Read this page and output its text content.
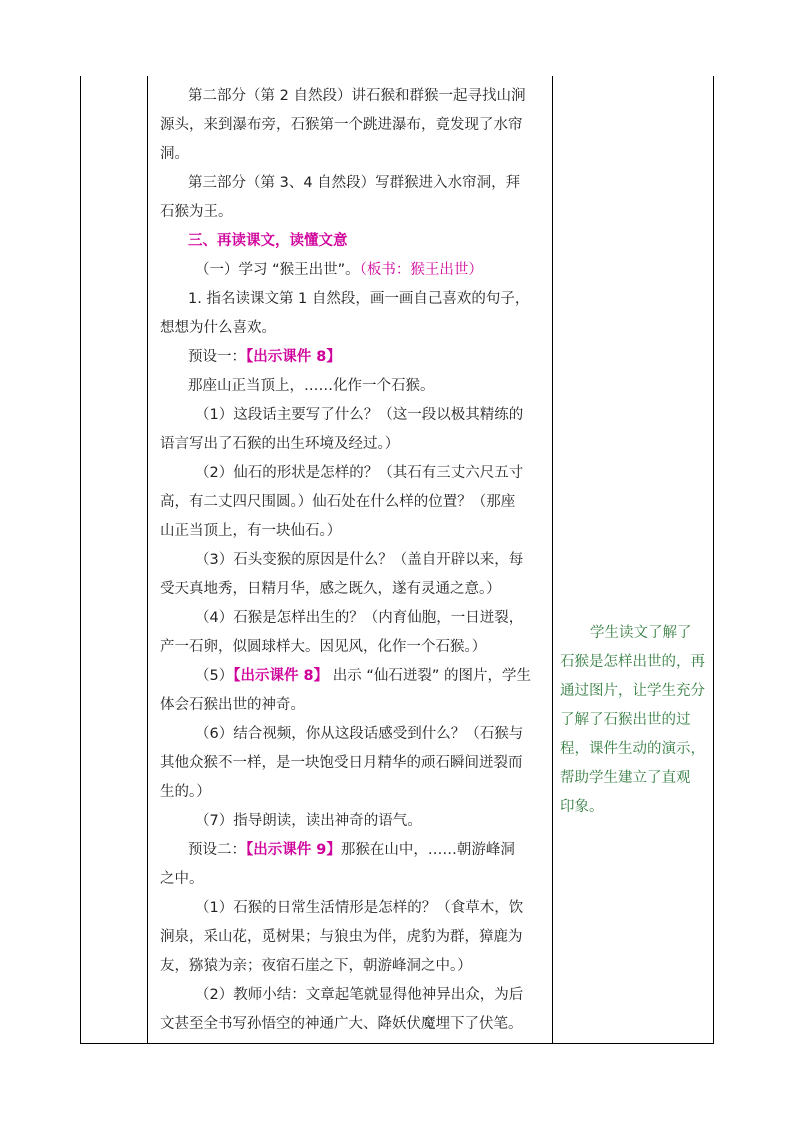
第二部分（第 2 自然段）讲石猴和群猴一起寻找山涧
源头，来到瀑布旁，石猴第一个跳进瀑布，竟发现了水帘
洞。
第三部分（第 3、4 自然段）写群猴进入水帘洞，拜
石猴为王。
三、再读课文，读懂文意
（一）学习 “猴王出世”。（板书：猴王出世）
1. 指名读课文第 1 自然段，画一画自己喜欢的句子，
想想为什么喜欢。
预设一：【出示课件 8】
那座山正当顶上，……化作一个石猴。
（1）这段话主要写了什么？（这一段以极其精练的
语言写出了石猴的出生环境及经过。）
（2）仙石的形状是怎样的？（其石有三丈六尺五寸
高，有二丈四尺围圆。）仙石处在什么样的位置？（那座
山正当顶上，有一块仙石。）
（3）石头变猴的原因是什么？（盖自开辟以来，每
受天真地秀，日精月华，感之既久，遂有灵通之意。）
（4）石猴是怎样出生的？（内育仙胞，一日迸裂，
产一石卵，似圆球样大。因见风，化作一个石猴。）
（5）【出示课件 8】 出示 “仙石迸裂” 的图片，学生
体会石猴出世的神奇。
（6）结合视频，你从这段话感受到什么？（石猴与
其他众猴不一样，是一块饱受日月精华的顽石瞬间迸裂而
生的。）
（7）指导朗读，读出神奇的语气。
预设二：【出示课件 9】那猴在山中，……朝游峰洞
之中。
（1）石猴的日常生活情形是怎样的？（食草木，饮
涧泉，采山花，觅树果；与狼虫为伴，虎豹为群，獐鹿为
友，猕猿为亲；夜宿石崖之下，朝游峰洞之中。）
（2）教师小结：文章起笔就显得他神异出众，为后
文甚至全书写孙悟空的神通广大、降妖伏魔埋下了伏笔。
学生读文了解了
石猴是怎样出世的，再
通过图片，让学生充分
了解了石猴出世的过
程，课件生动的演示，
帮助学生建立了直观
印象。
